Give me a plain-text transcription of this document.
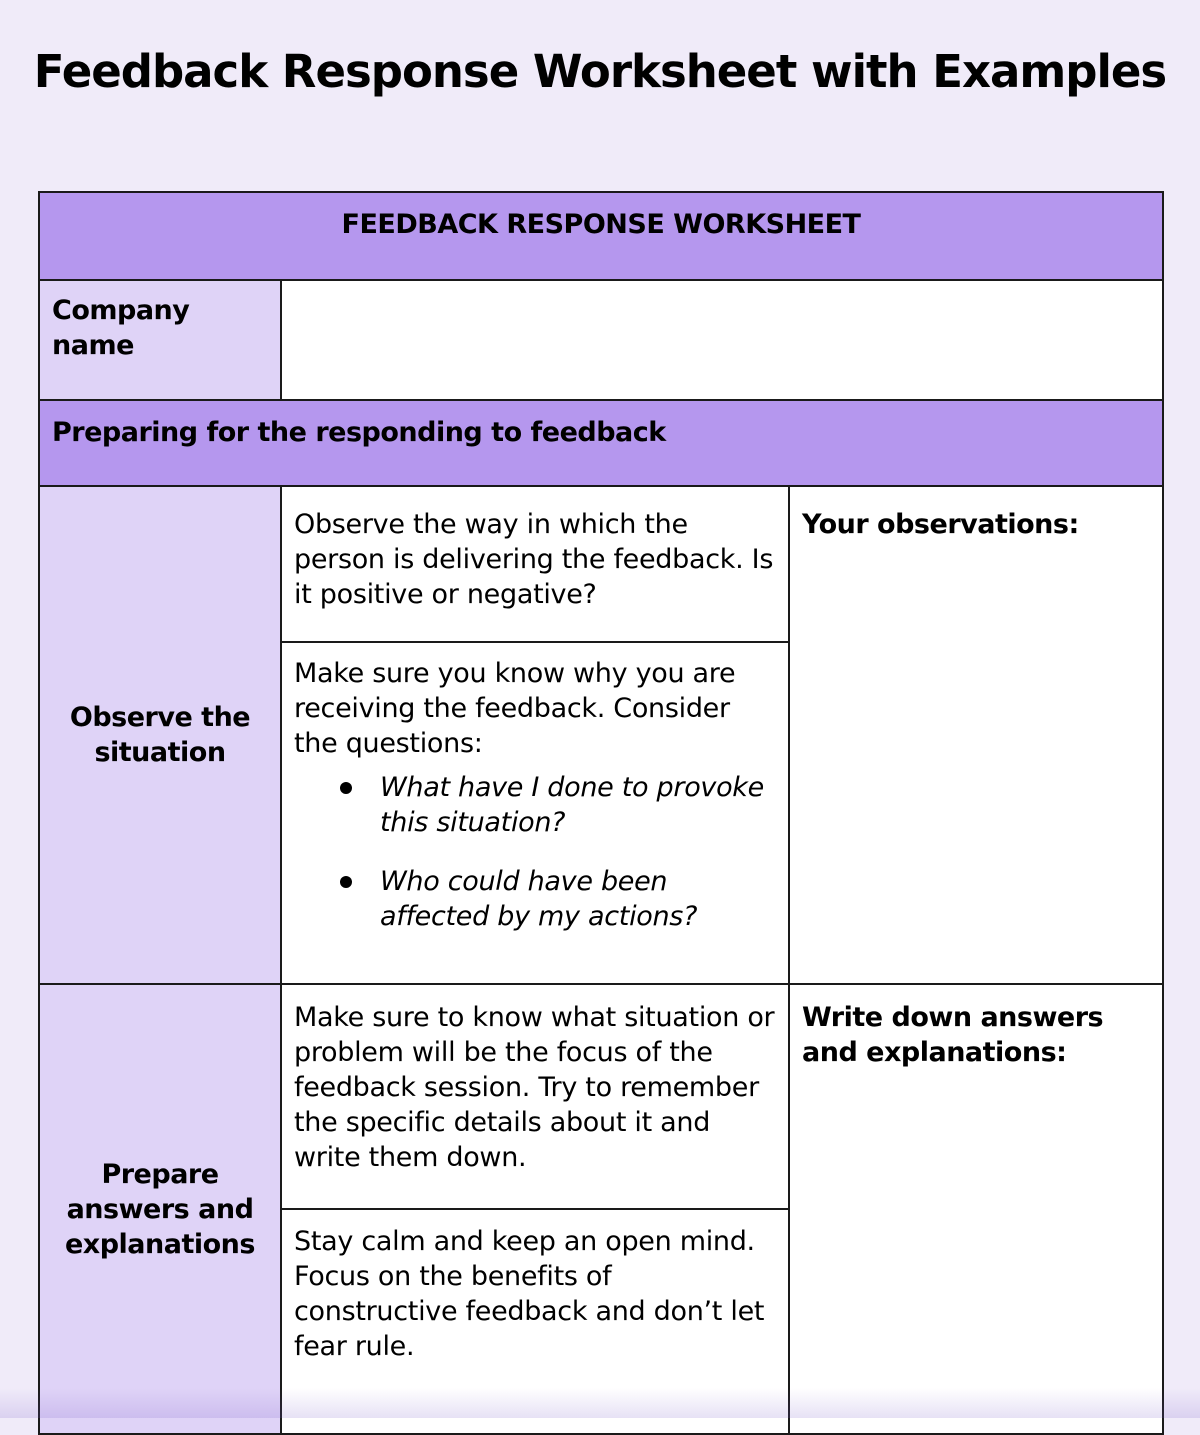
Feedback Response Worksheet with Examples
FEEDBACK RESPONSE WORKSHEET
Company name
Preparing for the responding to feedback
Observe the situation
Observe the way in which the person is delivering the feedback. Is it positive or negative?
Make sure you know why you are receiving the feedback. Consider the questions:
What have I done to provoke this situation?
Who could have been affected by my actions?
Your observations:
Prepare answers and explanations
Make sure to know what situation or problem will be the focus of the feedback session. Try to remember the specific details about it and write them down.
Stay calm and keep an open mind. Focus on the benefits of constructive feedback and don’t let fear rule.
Write down answers and explanations:
